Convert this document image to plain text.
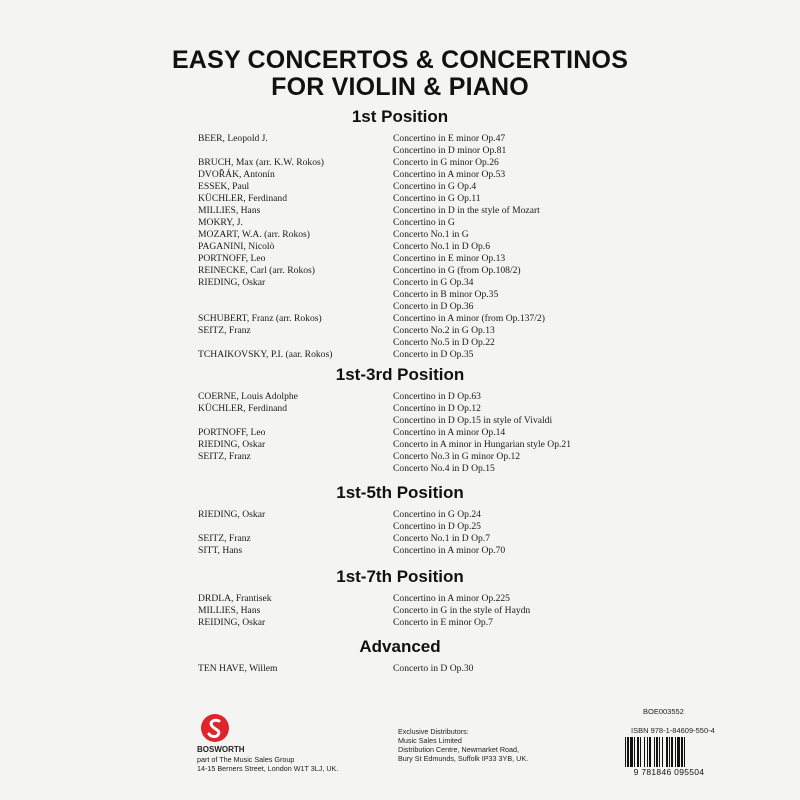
EASY CONCERTOS & CONCERTINOS
FOR VIOLIN & PIANO
1st Position
BEER, Leopold J.	Concertino in E minor Op.47
Concertino in D minor Op.81
BRUCH, Max (arr. K.W. Rokos)	Concerto in G minor Op.26
DVOŘÁK, Antonín	Concertino in A minor Op.53
ESSEK, Paul	Concertino in G Op.4
KÜCHLER, Ferdinand	Concertino in G Op.11
MILLIES, Hans	Concertino in D in the style of Mozart
MOKRY, J.	Concertino in G
MOZART, W.A. (arr. Rokos)	Concerto No.1 in G
PAGANINI, Nicolò	Concerto No.1 in D Op.6
PORTNOFF, Leo	Concertino in E minor Op.13
REINECKE, Carl (arr. Rokos)	Concertino in G (from Op.108/2)
RIEDING, Oskar	Concerto in G Op.34
Concerto in B minor Op.35
Concerto in D Op.36
SCHUBERT, Franz (arr. Rokos)	Concertino in A minor (from Op.137/2)
SEITZ, Franz	Concerto No.2 in G Op.13
Concerto No.5 in D Op.22
TCHAIKOVSKY, P.I. (aar. Rokos)	Concerto in D Op.35
1st-3rd Position
COERNE, Louis Adolphe	Concertino in D Op.63
KÜCHLER, Ferdinand	Concertino in D Op.12
Concertino in D Op.15 in style of Vivaldi
PORTNOFF, Leo	Concertino in A minor Op.14
RIEDING, Oskar	Concerto in A minor in Hungarian style Op.21
SEITZ, Franz	Concerto No.3 in G minor Op.12
Concerto No.4 in D Op.15
1st-5th Position
RIEDING, Oskar	Concertino in G Op.24
Concertino in D Op.25
SEITZ, Franz	Concerto No.1 in D Op.7
SITT, Hans	Concertino in A minor Op.70
1st-7th Position
DRDLA, Frantisek	Concertino in A minor Op.225
MILLIES, Hans	Concerto in G in the style of Haydn
REIDING, Oskar	Concerto in E minor Op.7
Advanced
TEN HAVE, Willem	Concerto in D Op.30
BOE003552
BOSWORTH
part of The Music Sales Group
14-15 Berners Street, London W1T 3LJ, UK.
Exclusive Distributors:
Music Sales Limited
Distribution Centre, Newmarket Road,
Bury St Edmunds, Suffolk IP33 3YB, UK.
ISBN 978-1-84609-550-4
9 781846 095504
